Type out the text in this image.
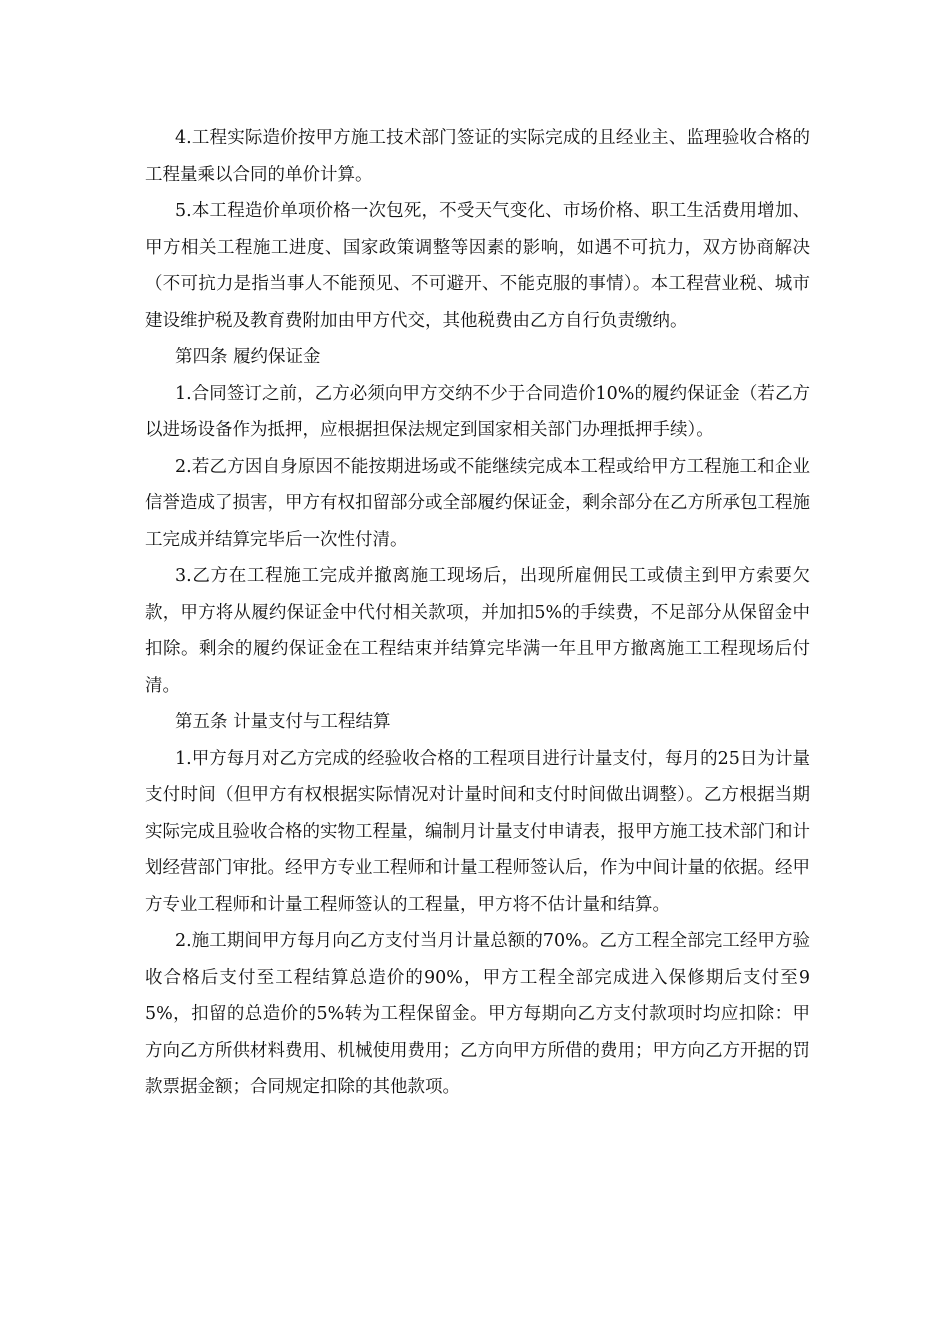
4.工程实际造价按甲方施工技术部门签证的实际完成的且经业主、监理验收合格的工程量乘以合同的单价计算。

5.本工程造价单项价格一次包死，不受天气变化、市场价格、职工生活费用增加、甲方相关工程施工进度、国家政策调整等因素的影响，如遇不可抗力，双方协商解决（不可抗力是指当事人不能预见、不可避开、不能克服的事情）。本工程营业税、城市建设维护税及教育费附加由甲方代交，其他税费由乙方自行负责缴纳。

第四条 履约保证金

1.合同签订之前，乙方必须向甲方交纳不少于合同造价10%的履约保证金（若乙方以进场设备作为抵押，应根据担保法规定到国家相关部门办理抵押手续）。

2.若乙方因自身原因不能按期进场或不能继续完成本工程或给甲方工程施工和企业信誉造成了损害，甲方有权扣留部分或全部履约保证金，剩余部分在乙方所承包工程施工完成并结算完毕后一次性付清。

3.乙方在工程施工完成并撤离施工现场后，出现所雇佣民工或债主到甲方索要欠款，甲方将从履约保证金中代付相关款项，并加扣5%的手续费，不足部分从保留金中扣除。剩余的履约保证金在工程结束并结算完毕满一年且甲方撤离施工工程现场后付清。

第五条 计量支付与工程结算

1.甲方每月对乙方完成的经验收合格的工程项目进行计量支付，每月的25日为计量支付时间（但甲方有权根据实际情况对计量时间和支付时间做出调整）。乙方根据当期实际完成且验收合格的实物工程量，编制月计量支付申请表，报甲方施工技术部门和计划经营部门审批。经甲方专业工程师和计量工程师签认后，作为中间计量的依据。经甲方专业工程师和计量工程师签认的工程量，甲方将不估计量和结算。

2.施工期间甲方每月向乙方支付当月计量总额的70%。乙方工程全部完工经甲方验收合格后支付至工程结算总造价的90%，甲方工程全部完成进入保修期后支付至95%，扣留的总造价的5%转为工程保留金。甲方每期向乙方支付款项时均应扣除：甲方向乙方所供材料费用、机械使用费用；乙方向甲方所借的费用；甲方向乙方开据的罚款票据金额；合同规定扣除的其他款项。
